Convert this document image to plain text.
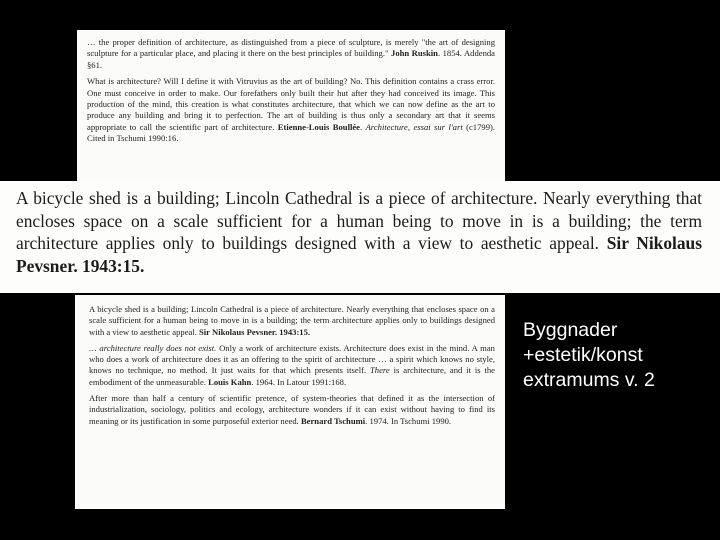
… the proper definition of architecture, as distinguished from a piece of sculpture, is merely "the art of designing sculpture for a particular place, and placing it there on the best principles of building." John Ruskin. 1854. Addenda §61.

What is architecture? Will I define it with Vitruvius as the art of building? No. This definition contains a crass error. One must conceive in order to make. Our forefathers only built their hut after they had conceived its image. This production of the mind, this creation is what constitutes architecture, that which we can now define as the art to produce any building and bring it to perfection. The art of building is thus only a secondary art that it seems appropriate to call the scientific part of architecture. Etienne-Louis Boullée. Architecture, essai sur l'art (c1799). Cited in Tschumi 1990:16.

A bicycle shed is a building; Lincoln Cathedral is a piece of architecture. Nearly everything that encloses space on a scale sufficient for a human being to move in is a building; the term architecture applies only to buildings designed with a view to aesthetic appeal. Sir Nikolaus Pevsner. 1943:15.

A bicycle shed is a building; Lincoln Cathedral is a piece of architecture. Nearly everything that encloses space on a scale sufficient for a human being to move in is a building; the term architecture applies only to buildings designed with a view to aesthetic appeal. Sir Nikolaus Pevsner. 1943:15.

… architecture really does not exist. Only a work of architecture exists. Architecture does exist in the mind. A man who does a work of architecture does it as an offering to the spirit of architecture … a spirit which knows no style, knows no technique, no method. It just waits for that which presents itself. There is architecture, and it is the embodiment of the unmeasurable. Louis Kahn. 1964. In Latour 1991:168.

After more than half a century of scientific pretence, of system-theories that defined it as the intersection of industrialization, sociology, politics and ecology, architecture wonders if it can exist without having to find its meaning or its justification in some purposeful exterior need. Bernard Tschumi. 1974. In Tschumi 1990.

Byggnader
+estetik/konst
extramums v. 2
